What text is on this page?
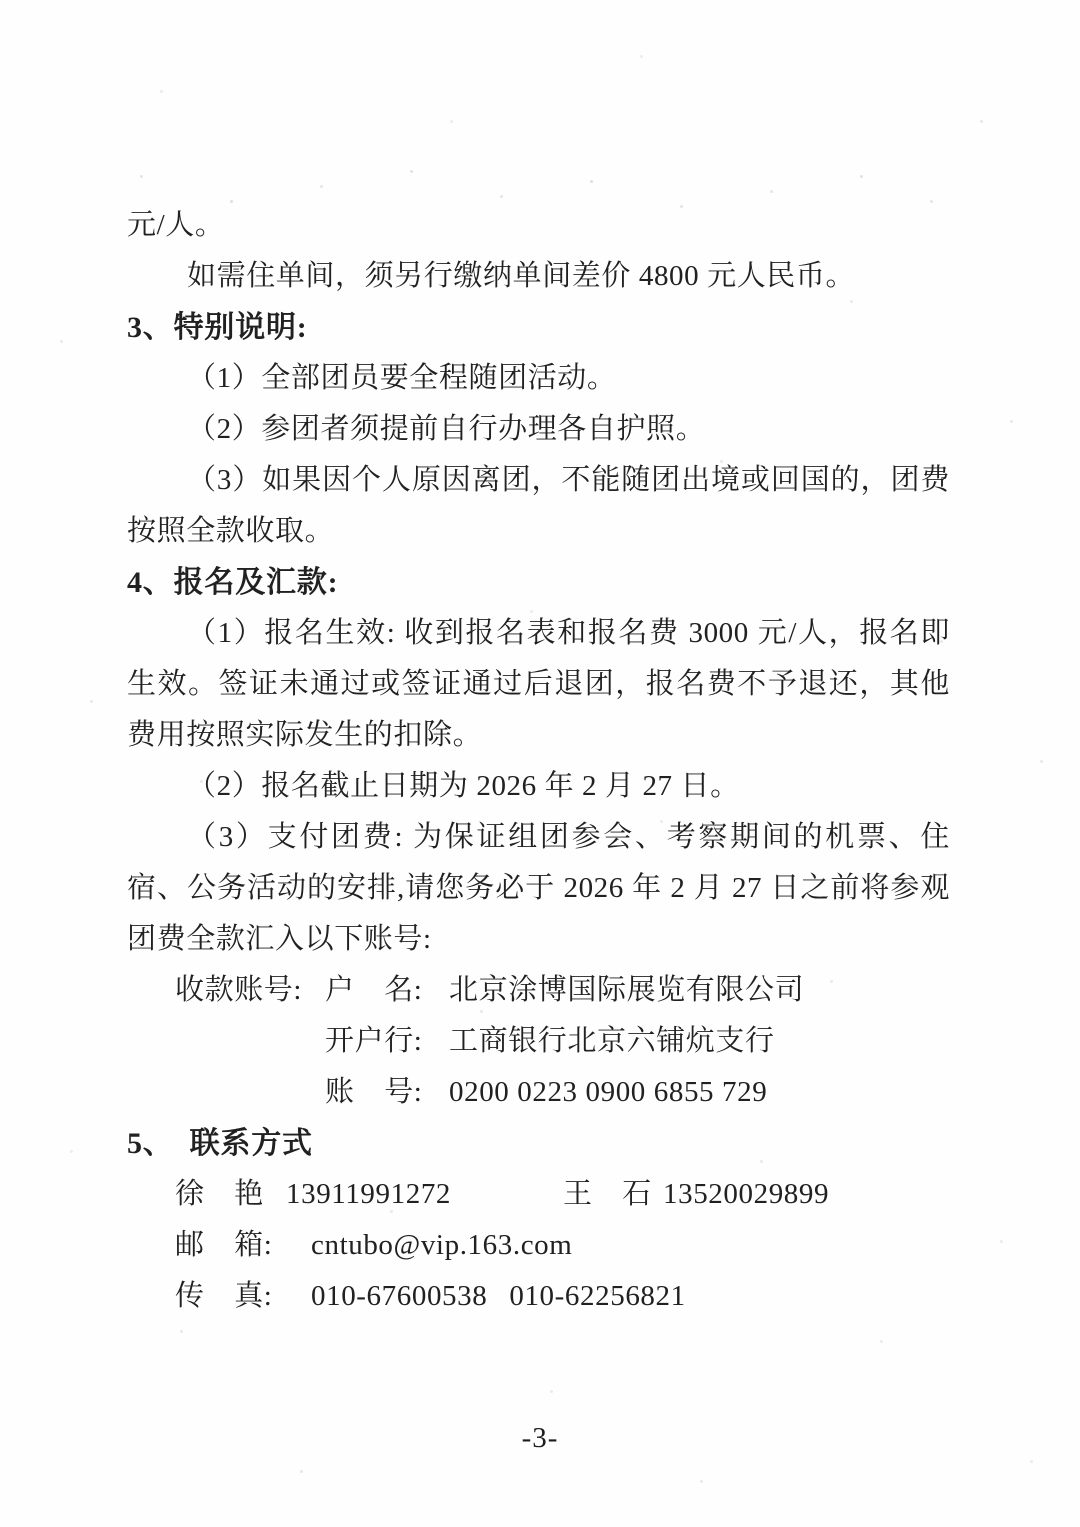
元/人。

如需住单间，须另行缴纳单间差价 4800 元人民币。

3、特别说明:

（1）全部团员要全程随团活动。

（2）参团者须提前自行办理各自护照。

（3）如果因个人原因离团，不能随团出境或回国的，团费按照全款收取。

4、报名及汇款:

（1）报名生效: 收到报名表和报名费 3000 元/人，报名即生效。签证未通过或签证通过后退团，报名费不予退还，其他费用按照实际发生的扣除。

（2）报名截止日期为 2026 年 2 月 27 日。

（3）支付团费: 为保证组团参会、考察期间的机票、住宿、公务活动的安排,请您务必于 2026 年 2 月 27 日之前将参观团费全款汇入以下账号:

收款账号: 户　名: 北京涂博国际展览有限公司
开户行: 工商银行北京六铺炕支行
账　号: 0200 0223 0900 6855 729
5、 联系方式
徐　艳 13911991272	王　石 13520029899
邮　箱:	cntubo@vip.163.com
传　真:	010-67600538 010-62256821
-3-
